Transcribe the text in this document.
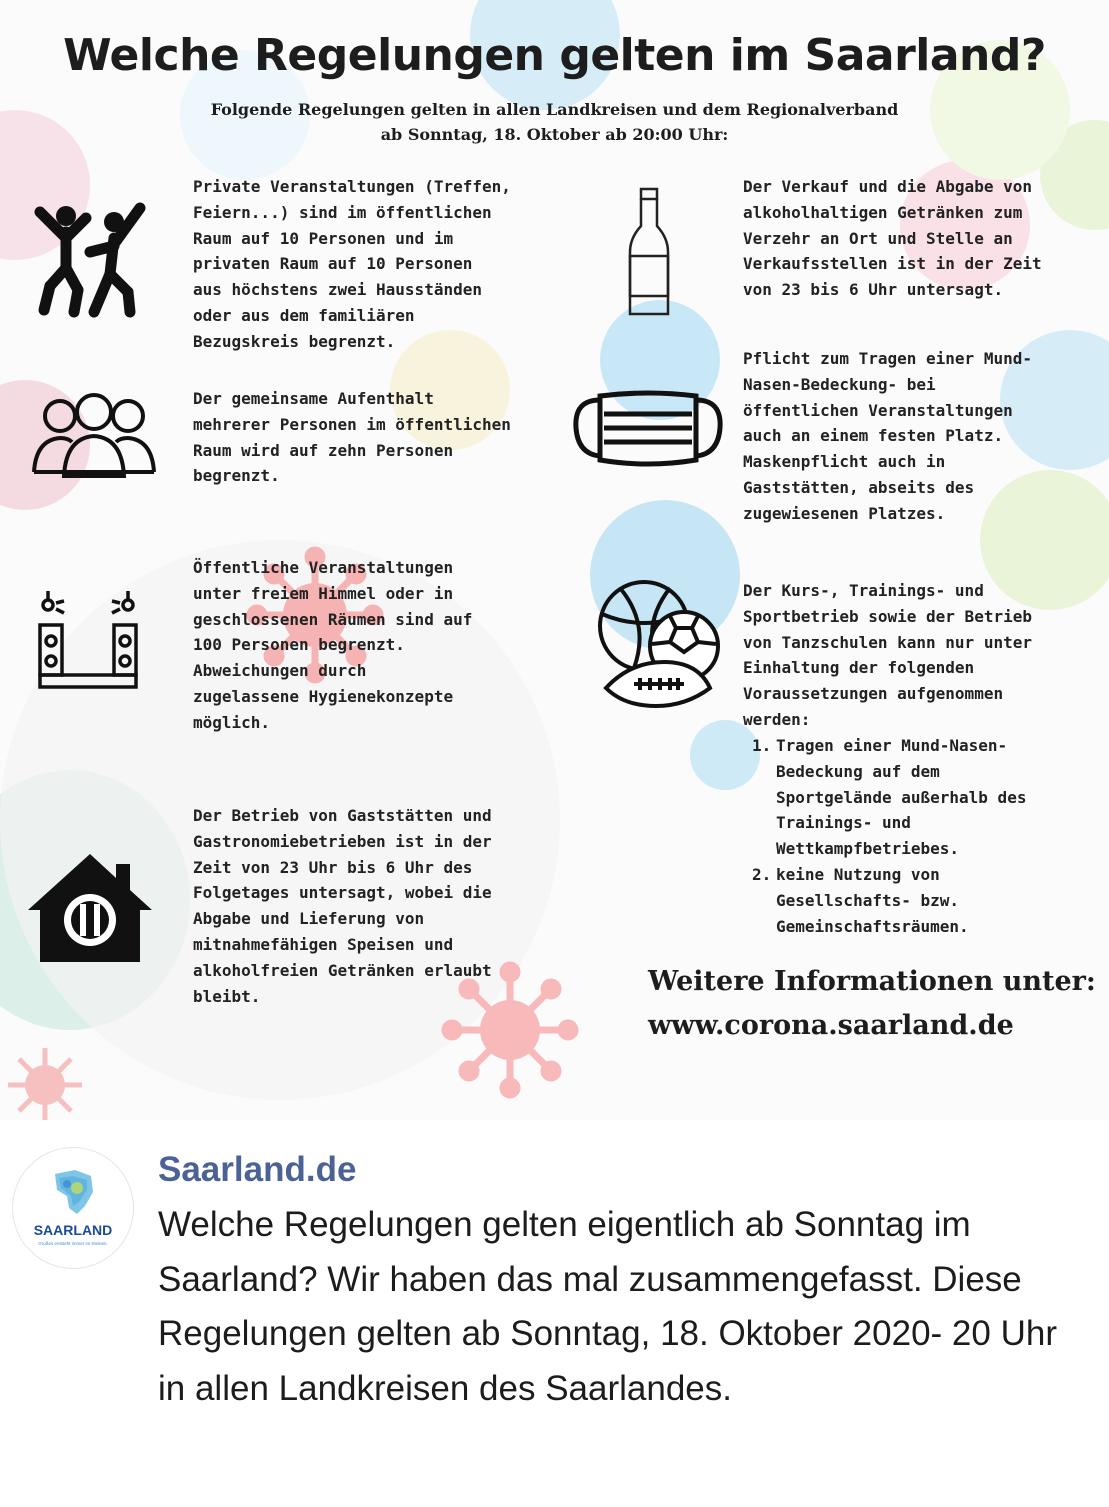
Welche Regelungen gelten im Saarland?
Folgende Regelungen gelten in allen Landkreisen und dem Regionalverband
ab Sonntag, 18. Oktober ab 20:00 Uhr:
Private Veranstaltungen (Treffen,
Feiern...) sind im öffentlichen
Raum auf 10 Personen und im
privaten Raum auf 10 Personen
aus höchstens zwei Hausständen
oder aus dem familiären
Bezugskreis begrenzt.
Der gemeinsame Aufenthalt
mehrerer Personen im öffentlichen
Raum wird auf zehn Personen
begrenzt.
Öffentliche Veranstaltungen
unter freiem Himmel oder in
geschlossenen Räumen sind auf
100 Personen begrenzt.
Abweichungen durch
zugelassene Hygienekonzepte
möglich.
Der Betrieb von Gaststätten und
Gastronomiebetrieben ist in der
Zeit von 23 Uhr bis 6 Uhr des
Folgetages untersagt, wobei die
Abgabe und Lieferung von
mitnahmefähigen Speisen und
alkoholfreien Getränken erlaubt
bleibt.
Der Verkauf und die Abgabe von
alkoholhaltigen Getränken zum
Verzehr an Ort und Stelle an
Verkaufsstellen ist in der Zeit
von 23 bis 6 Uhr untersagt.
Pflicht zum Tragen einer Mund-
Nasen-Bedeckung- bei
öffentlichen Veranstaltungen
auch an einem festen Platz.
Maskenpflicht auch in
Gaststätten, abseits des
zugewiesenen Platzes.
Der Kurs-, Trainings- und
Sportbetrieb sowie der Betrieb
von Tanzschulen kann nur unter
Einhaltung der folgenden
Voraussetzungen aufgenommen
werden:
1. Tragen einer Mund-Nasen-
Bedeckung auf dem
Sportgelände außerhalb des
Trainings- und
Wettkampfbetriebes.
2. keine Nutzung von
Gesellschafts- bzw.
Gemeinschaftsräumen.
Weitere Informationen unter:
www.corona.saarland.de
SAARLAND
Großes entsteht immer im Kleinen.
Saarland.de
Welche Regelungen gelten eigentlich ab Sonntag im Saarland? Wir haben das mal zusammengefasst. Diese Regelungen gelten ab Sonntag, 18. Oktober 2020- 20 Uhr in allen Landkreisen des Saarlandes.
